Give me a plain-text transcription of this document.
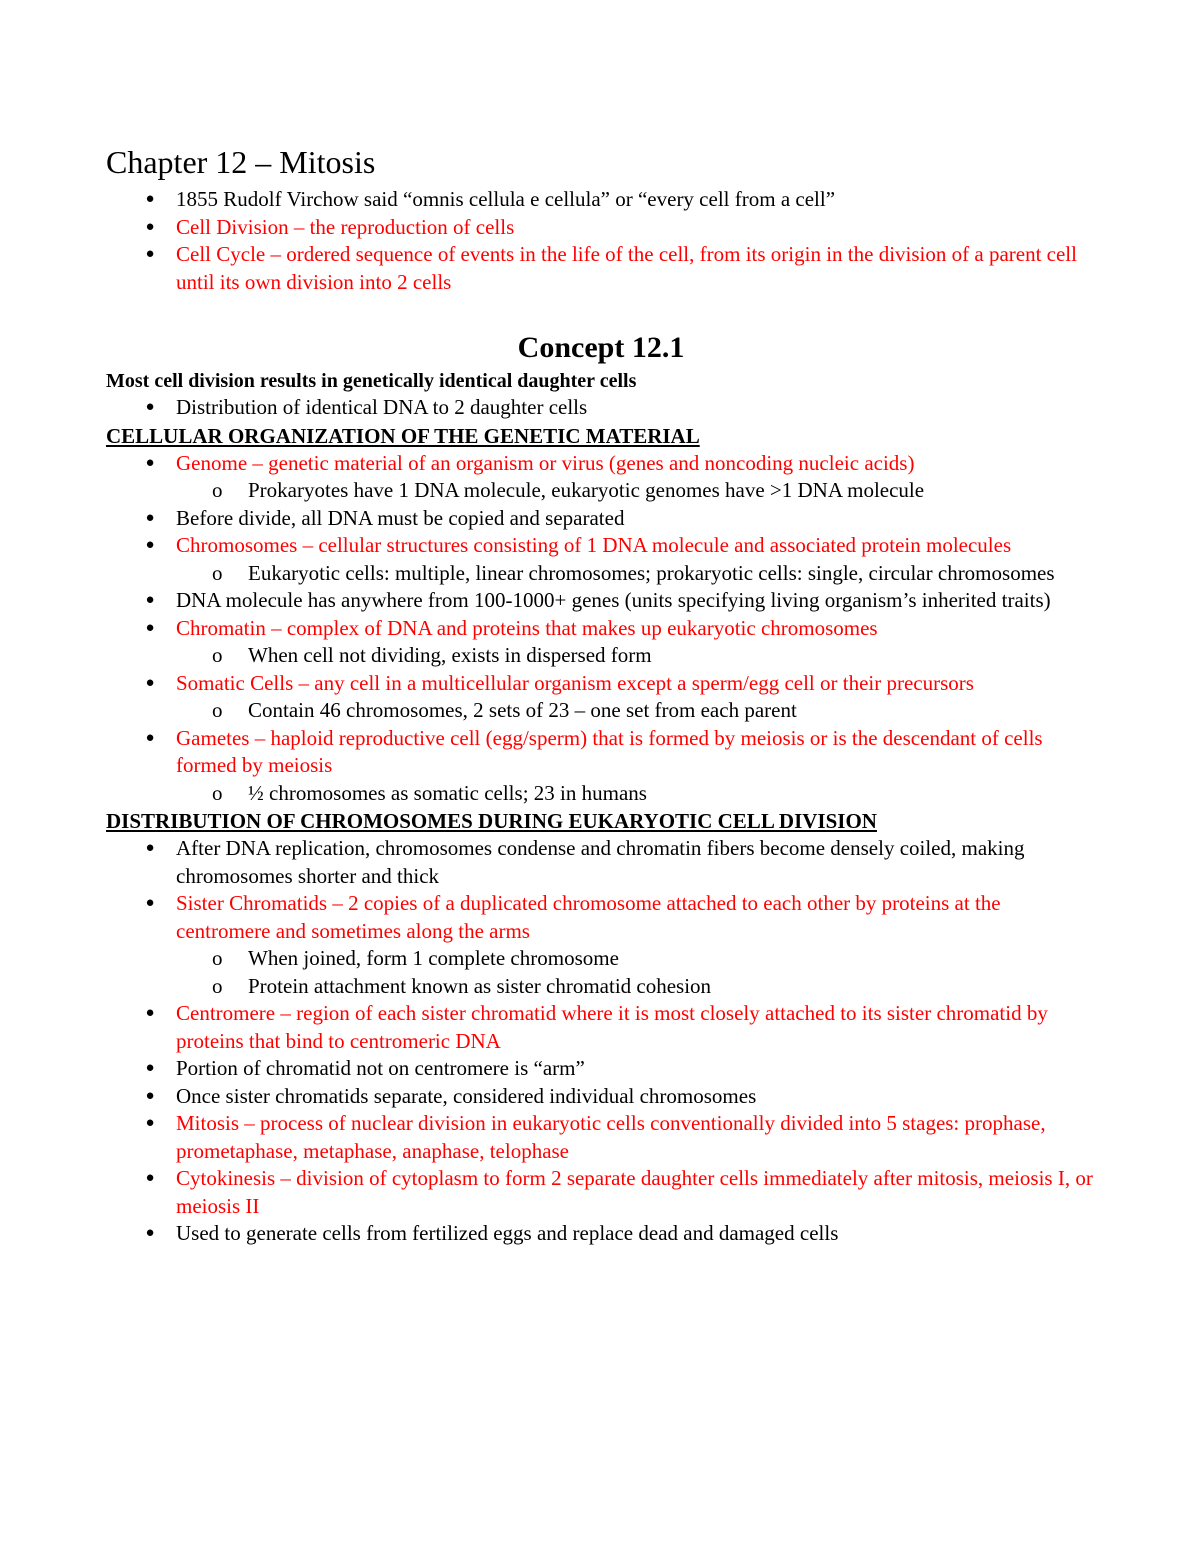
Chapter 12 – Mitosis
● 1855 Rudolf Virchow said “omnis cellula e cellula” or “every cell from a cell”
● Cell Division – the reproduction of cells
● Cell Cycle – ordered sequence of events in the life of the cell, from its origin in the division of a parent cell until its own division into 2 cells
Concept 12.1

Most cell division results in genetically identical daughter cells

● Distribution of identical DNA to 2 daughter cells
CELLULAR ORGANIZATION OF THE GENETIC MATERIAL
● Genome – genetic material of an organism or virus (genes and noncoding nucleic acids)
o Prokaryotes have 1 DNA molecule, eukaryotic genomes have >1 DNA molecule
● Before divide, all DNA must be copied and separated
● Chromosomes – cellular structures consisting of 1 DNA molecule and associated protein molecules
o Eukaryotic cells: multiple, linear chromosomes; prokaryotic cells: single, circular chromosomes
● DNA molecule has anywhere from 100-1000+ genes (units specifying living organism’s inherited traits)
● Chromatin – complex of DNA and proteins that makes up eukaryotic chromosomes
o When cell not dividing, exists in dispersed form
● Somatic Cells – any cell in a multicellular organism except a sperm/egg cell or their precursors
o Contain 46 chromosomes, 2 sets of 23 – one set from each parent
● Gametes – haploid reproductive cell (egg/sperm) that is formed by meiosis or is the descendant of cells formed by meiosis
o ½ chromosomes as somatic cells; 23 in humans
DISTRIBUTION OF CHROMOSOMES DURING EUKARYOTIC CELL DIVISION
● After DNA replication, chromosomes condense and chromatin fibers become densely coiled, making chromosomes shorter and thick
● Sister Chromatids – 2 copies of a duplicated chromosome attached to each other by proteins at the centromere and sometimes along the arms
o When joined, form 1 complete chromosome
o Protein attachment known as sister chromatid cohesion
● Centromere – region of each sister chromatid where it is most closely attached to its sister chromatid by proteins that bind to centromeric DNA
● Portion of chromatid not on centromere is “arm”
● Once sister chromatids separate, considered individual chromosomes
● Mitosis – process of nuclear division in eukaryotic cells conventionally divided into 5 stages: prophase, prometaphase, metaphase, anaphase, telophase
● Cytokinesis – division of cytoplasm to form 2 separate daughter cells immediately after mitosis, meiosis I, or meiosis II
● Used to generate cells from fertilized eggs and replace dead and damaged cells
